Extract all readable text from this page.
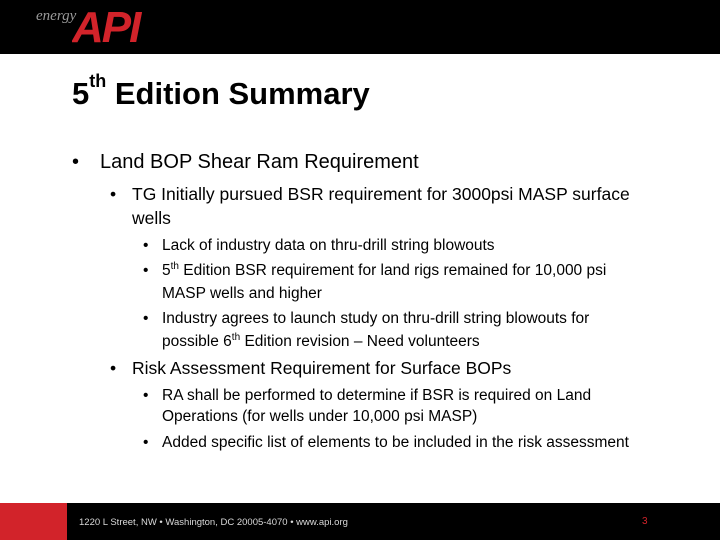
energy
API
5th Edition Summary
• Land BOP Shear Ram Requirement
• TG Initially pursued BSR requirement for 3000psi MASP surface
wells
• Lack of industry data on thru-drill string blowouts
• 5th Edition BSR requirement for land rigs remained for 10,000 psi
MASP wells and higher
• Industry agrees to launch study on thru-drill string blowouts for
possible 6th Edition revision – Need volunteers
• Risk Assessment Requirement for Surface BOPs
• RA shall be performed to determine if BSR is required on Land
Operations (for wells under 10,000 psi MASP)
• Added specific list of elements to be included in the risk assessment
1220 L Street, NW • Washington, DC 20005-4070 • www.api.org	3
